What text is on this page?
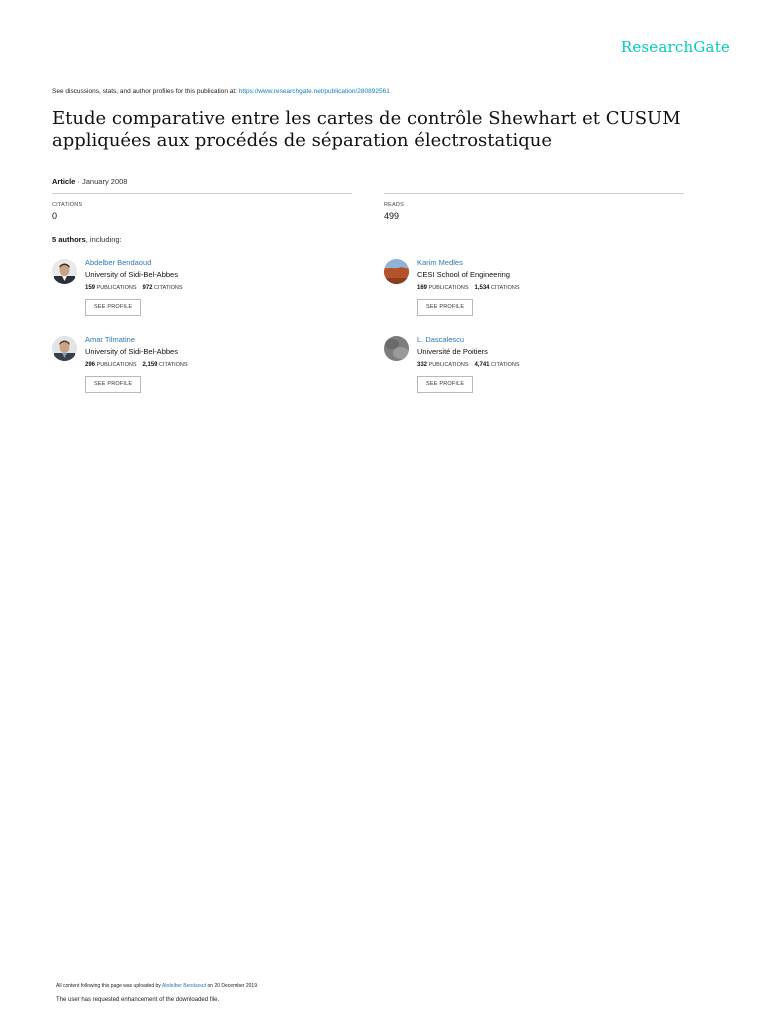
ResearchGate
See discussions, stats, and author profiles for this publication at: https://www.researchgate.net/publication/280892561
Etude comparative entre les cartes de contrôle Shewhart et CUSUM appliquées aux procédés de séparation électrostatique
Article · January 2008
CITATIONS
0
READS
499
5 authors, including:
Abdelber Bendaoud
University of Sidi-Bel-Abbes
159 PUBLICATIONS 972 CITATIONS
SEE PROFILE
Karim Medles
CESI School of Engineering
169 PUBLICATIONS 1,534 CITATIONS
SEE PROFILE
Amar Tilmatine
University of Sidi-Bel-Abbes
296 PUBLICATIONS 2,159 CITATIONS
SEE PROFILE
L. Dascalescu
Université de Poitiers
332 PUBLICATIONS 4,741 CITATIONS
SEE PROFILE
All content following this page was uploaded by Abdelber Bendaoud on 20 December 2019.
The user has requested enhancement of the downloaded file.
